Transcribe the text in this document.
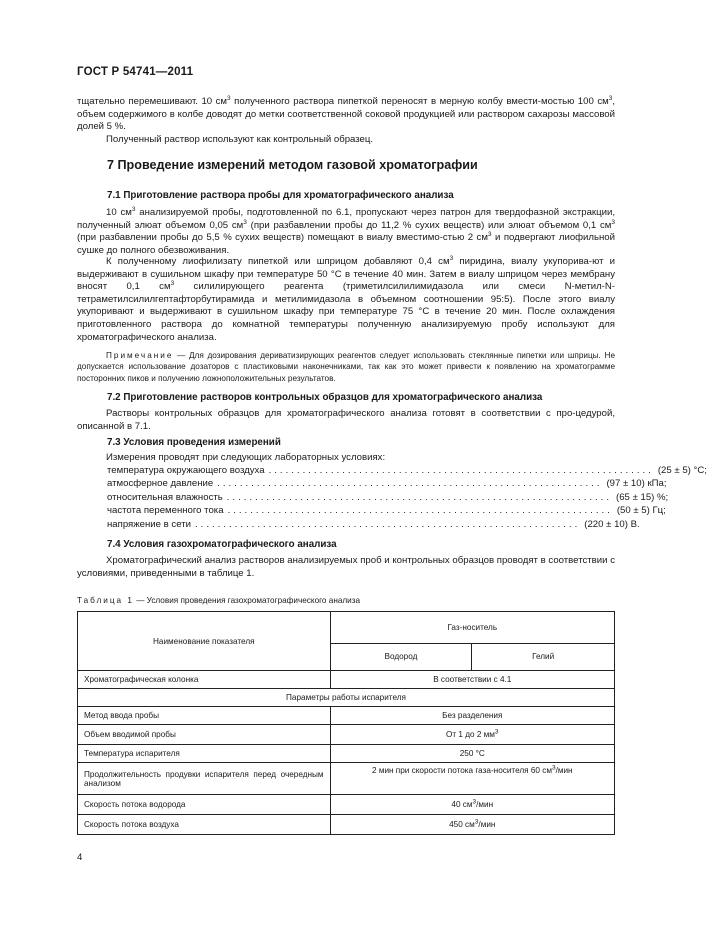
ГОСТ Р 54741—2011
тщательно перемешивают. 10 $см^3$ полученного раствора пипеткой переносят в мерную колбу вмести-мостью 100 $см^3$, объем содержимого в колбе доводят до метки соответственной соковой продукцией или раствором сахарозы массовой долей 5 %.
Полученный раствор используют как контрольный образец.
7 Проведение измерений методом газовой хроматографии
7.1 Приготовление раствора пробы для хроматографического анализа
10 $см^3$ анализируемой пробы, подготовленной по 6.1, пропускают через патрон для твердофазной экстракции, полученный элюат объемом 0,05 $см^3$ (при разбавлении пробы до 11,2 % сухих веществ) или элюат объемом 0,1 $см^3$ (при разбавлении пробы до 5,5 % сухих веществ) помещают в виалу вместимо-стью 2 $см^3$ и подвергают лиофильной сушке до полного обезвоживания.
К полученному лиофилизату пипеткой или шприцом добавляют 0,4 $см^3$ пиридина, виалу укупорива-ют и выдерживают в сушильном шкафу при температуре 50 °С в течение 40 мин. Затем в виалу шприцом через мембрану вносят 0,1 $см^3$ силилирующего реагента (триметилсилилимидазола или смеси N-метил-N-тетраметилсилилгептафторбутирамида и метилимидазола в объемном соотношении 95:5). После этого виалу укупоривают и выдерживают в сушильном шкафу при температуре 75 °С в течение 20 мин. После охлаждения приготовленного раствора до комнатной температуры полученную анализируемую пробу используют для хроматографического анализа.
Примечание — Для дозирования дериватизирующих реагентов следует использовать стеклянные пипетки или шприцы. Не допускается использование дозаторов с пластиковыми наконечниками, так как это может привести к появлению на хроматограмме посторонних пиков и получению ложноположительных результатов.
7.2 Приготовление растворов контрольных образцов для хроматографического анализа
Растворы контрольных образцов для хроматографического анализа готовят в соответствии с про-цедурой, описанной в 7.1.
7.3 Условия проведения измерений
Измерения проводят при следующих лабораторных условиях:
температура окружающего воздуха .................................................................... (25 ± 5) °С;
атмосферное давление .................................................................... (97 ± 10) кПа;
относительная влажность .................................................................... (65 ± 15) %;
частота переменного тока .................................................................... (50 ± 5) Гц;
напряжение в сети .................................................................... (220 ± 10) В.
7.4 Условия газохроматографического анализа
Хроматографический анализ растворов анализируемых проб и контрольных образцов проводят в соответствии с условиями, приведенными в таблице 1.
Таблица 1 — Условия проведения газохроматографического анализа
Наименование показателя	Газ-носитель	
	Водород	Гелий
Хроматографическая колонка	В соответствии с 4.1	
Параметры работы испарителя		
Метод ввода пробы	Без разделения	
Объем вводимой пробы	От 1 до 2 $мм^3$
Температура испарителя	250 °С	
Продолжительность продувки испарителя перед очередным анализом	2 мин при скорости потока газа-носителя 60 $см^3$/мин	
Скорость потока водорода	40 $см^3$/мин	
Скорость потока воздуха	450 $см^3$/мин	
4
